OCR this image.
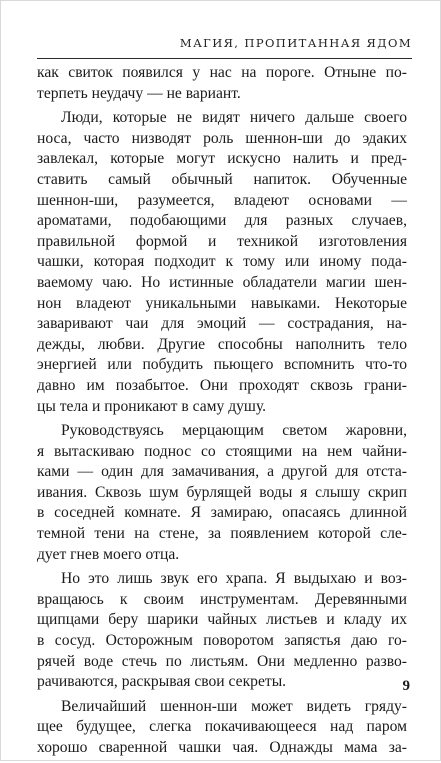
МАГИЯ, ПРОПИТАННАЯ ЯДОМ
как свиток появился у нас на пороге. Отныне по-
терпеть неудачу — не вариант.
Люди, которые не видят ничего дальше своего
носа, часто низводят роль шеннон-ши до эдаких
завлекал, которые могут искусно налить и пред-
ставить самый обычный напиток. Обученные
шеннон-ши, разумеется, владеют основами —
ароматами, подобающими для разных случаев,
правильной формой и техникой изготовления
чашки, которая подходит к тому или иному пода-
ваемому чаю. Но истинные обладатели магии шен-
нон владеют уникальными навыками. Некоторые
заваривают чаи для эмоций — сострадания, на-
дежды, любви. Другие способны наполнить тело
энергией или побудить пьющего вспомнить что-то
давно им позабытое. Они проходят сквозь грани-
цы тела и проникают в саму душу.
Руководствуясь мерцающим светом жаровни,
я вытаскиваю поднос со стоящими на нем чайни-
ками — один для замачивания, а другой для отста-
ивания. Сквозь шум бурлящей воды я слышу скрип
в соседней комнате. Я замираю, опасаясь длинной
темной тени на стене, за появлением которой сле-
дует гнев моего отца.
Но это лишь звук его храпа. Я выдыхаю и воз-
вращаюсь к своим инструментам. Деревянными
щипцами беру шарики чайных листьев и кладу их
в сосуд. Осторожным поворотом запястья даю го-
рячей воде стечь по листьям. Они медленно разво-
рачиваются, раскрывая свои секреты.
Величайший шеннон-ши может видеть гряду-
щее будущее, слегка покачивающееся над паром
хорошо сваренной чашки чая. Однажды мама за-
9
